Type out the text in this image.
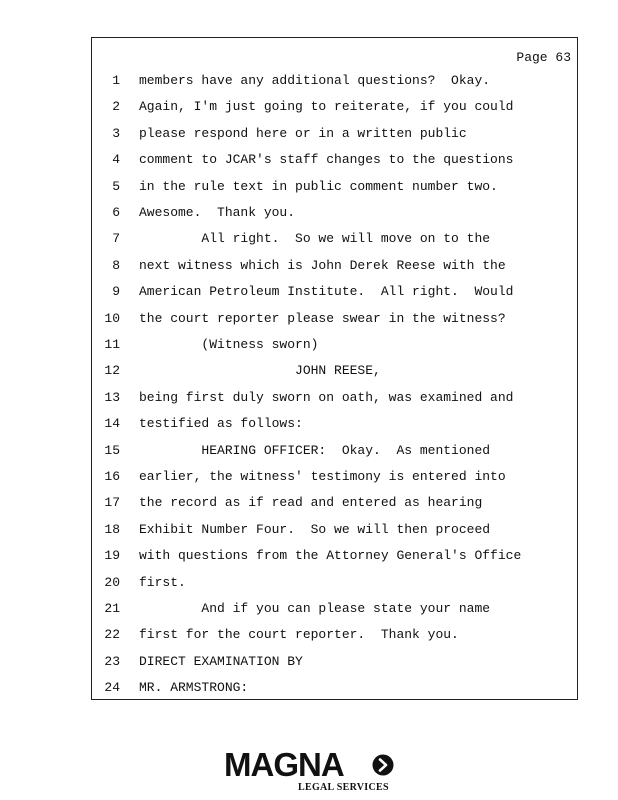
Page 63
1 members have any additional questions?  Okay.
2 Again, I'm just going to reiterate, if you could
3 please respond here or in a written public
4 comment to JCAR's staff changes to the questions
5 in the rule text in public comment number two.
6 Awesome.  Thank you.
7 All right.  So we will move on to the
8 next witness which is John Derek Reese with the
9 American Petroleum Institute.  All right.  Would
10 the court reporter please swear in the witness?
11 (Witness sworn)
12 JOHN REESE,
13 being first duly sworn on oath, was examined and
14 testified as follows:
15 HEARING OFFICER:  Okay.  As mentioned
16 earlier, the witness' testimony is entered into
17 the record as if read and entered as hearing
18 Exhibit Number Four.  So we will then proceed
19 with questions from the Attorney General's Office
20 first.
21 And if you can please state your name
22 first for the court reporter.  Thank you.
23 DIRECT EXAMINATION BY
24 MR. ARMSTRONG:
MAGNA
LEGAL SERVICES
